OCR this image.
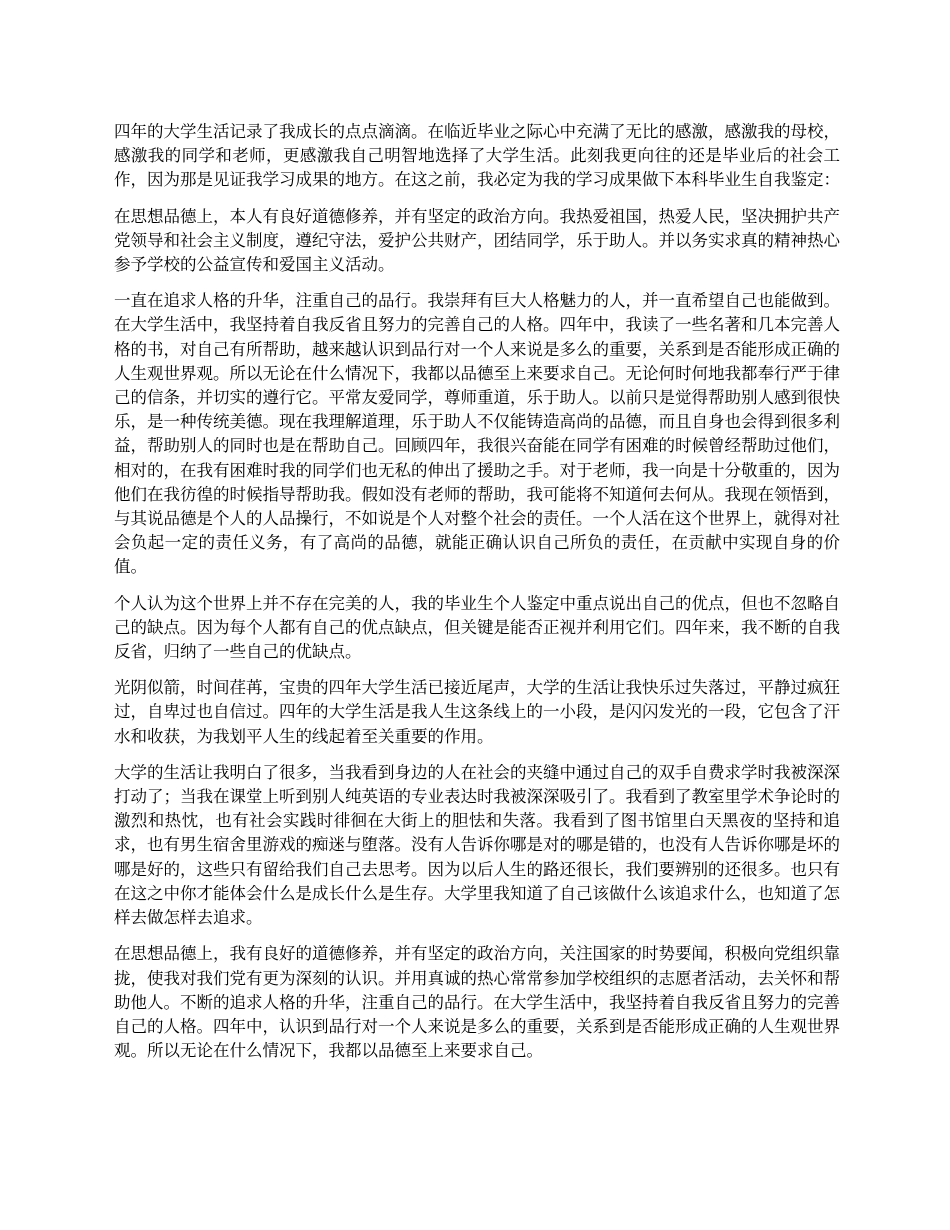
四年的大学生活记录了我成长的点点滴滴。在临近毕业之际心中充满了无比的感激，感激我的母校，感激我的同学和老师，更感激我自己明智地选择了大学生活。此刻我更向往的还是毕业后的社会工作，因为那是见证我学习成果的地方。在这之前，我必定为我的学习成果做下本科毕业生自我鉴定：

在思想品德上，本人有良好道德修养，并有坚定的政治方向。我热爱祖国，热爱人民，坚决拥护共产党领导和社会主义制度，遵纪守法，爱护公共财产，团结同学，乐于助人。并以务实求真的精神热心参予学校的公益宣传和爱国主义活动。

一直在追求人格的升华，注重自己的品行。我崇拜有巨大人格魅力的人，并一直希望自己也能做到。在大学生活中，我坚持着自我反省且努力的完善自己的人格。四年中，我读了一些名著和几本完善人格的书，对自己有所帮助，越来越认识到品行对一个人来说是多么的重要，关系到是否能形成正确的人生观世界观。所以无论在什么情况下，我都以品德至上来要求自己。无论何时何地我都奉行严于律己的信条，并切实的遵行它。平常友爱同学，尊师重道，乐于助人。以前只是觉得帮助别人感到很快乐，是一种传统美德。现在我理解道理，乐于助人不仅能铸造高尚的品德，而且自身也会得到很多利益，帮助别人的同时也是在帮助自己。回顾四年，我很兴奋能在同学有困难的时候曾经帮助过他们，相对的，在我有困难时我的同学们也无私的伸出了援助之手。对于老师，我一向是十分敬重的，因为他们在我彷徨的时候指导帮助我。假如没有老师的帮助，我可能将不知道何去何从。我现在领悟到，与其说品德是个人的人品操行，不如说是个人对整个社会的责任。一个人活在这个世界上，就得对社会负起一定的责任义务，有了高尚的品德，就能正确认识自己所负的责任，在贡献中实现自身的价值。

个人认为这个世界上并不存在完美的人，我的毕业生个人鉴定中重点说出自己的优点，但也不忽略自己的缺点。因为每个人都有自己的优点缺点，但关键是能否正视并利用它们。四年来，我不断的自我反省，归纳了一些自己的优缺点。

光阴似箭，时间荏苒，宝贵的四年大学生活已接近尾声，大学的生活让我快乐过失落过，平静过疯狂过，自卑过也自信过。四年的大学生活是我人生这条线上的一小段，是闪闪发光的一段，它包含了汗水和收获，为我划平人生的线起着至关重要的作用。

大学的生活让我明白了很多，当我看到身边的人在社会的夹缝中通过自己的双手自费求学时我被深深打动了；当我在课堂上听到别人纯英语的专业表达时我被深深吸引了。我看到了教室里学术争论时的激烈和热忱，也有社会实践时徘徊在大街上的胆怯和失落。我看到了图书馆里白天黑夜的坚持和追求，也有男生宿舍里游戏的痴迷与堕落。没有人告诉你哪是对的哪是错的，也没有人告诉你哪是坏的哪是好的，这些只有留给我们自己去思考。因为以后人生的路还很长，我们要辨别的还很多。也只有在这之中你才能体会什么是成长什么是生存。大学里我知道了自己该做什么该追求什么，也知道了怎样去做怎样去追求。

在思想品德上，我有良好的道德修养，并有坚定的政治方向，关注国家的时势要闻，积极向党组织靠拢，使我对我们党有更为深刻的认识。并用真诚的热心常常参加学校组织的志愿者活动，去关怀和帮助他人。不断的追求人格的升华，注重自己的品行。在大学生活中，我坚持着自我反省且努力的完善自己的人格。四年中，认识到品行对一个人来说是多么的重要，关系到是否能形成正确的人生观世界观。所以无论在什么情况下，我都以品德至上来要求自己。
